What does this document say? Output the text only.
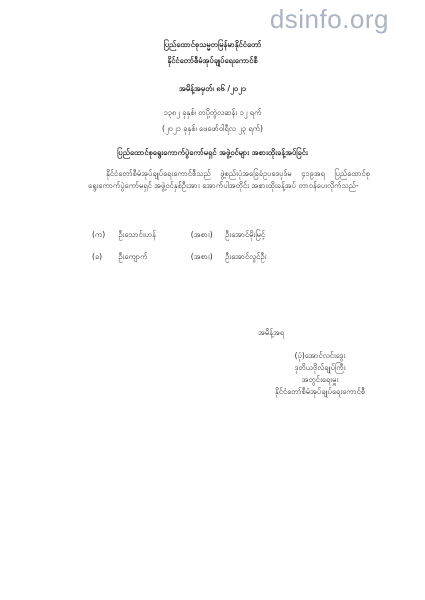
dsinfo.org
ပြည်ထောင်စုသမ္မတမြန်မာနိုင်ငံတော်
နိုင်ငံတော်စီမံအုပ်ချုပ်ရေးကောင်စီ
အမိန့်အမှတ်၊ ၈၆ /၂၀၂၁
၁၃၈၂ ခုနှစ်၊ တပို့တွဲလဆန်း ၁၂ ရက်
(၂၀၂၁ ခုနှစ်၊ ဖေဖော်ဝါရီလ ၂၃ ရက်)
ပြည်ထောင်စုရွေးကောက်ပွဲကော်မရှင် အဖွဲ့ဝင်များ အစားထိုးခန့်အပ်ခြင်း
နိုင်ငံတော်စီမံအုပ်ချုပ်ရေးကောင်စီသည် ဖွဲ့စည်းပုံအခြေခံဥပဒေပုဒ်မ ၄၁၉အရ ပြည်ထောင်စုရွေးကောက်ပွဲကော်မရှင် အဖွဲ့ဝင်နှစ်ဦးအား အောက်ပါအတိုင်း အစားထိုးခန့်အပ် တာဝန်ပေးလိုက်သည်-
(က) ဦးသောင်းဟန်	(အစား) ဦးအောင်မိုးမြင့်
(ခ) ဦးကျောက်	(အစား) ဦးအောင်လွင်ဦး
အမိန့်အရ
(ပုံ)အောင်လင်းဒွေး
ဒုတိယဗိုလ်ချုပ်ကြီး
အတွင်းရေးမှူး
နိုင်ငံတော်စီမံအုပ်ချုပ်ရေးကောင်စီ
